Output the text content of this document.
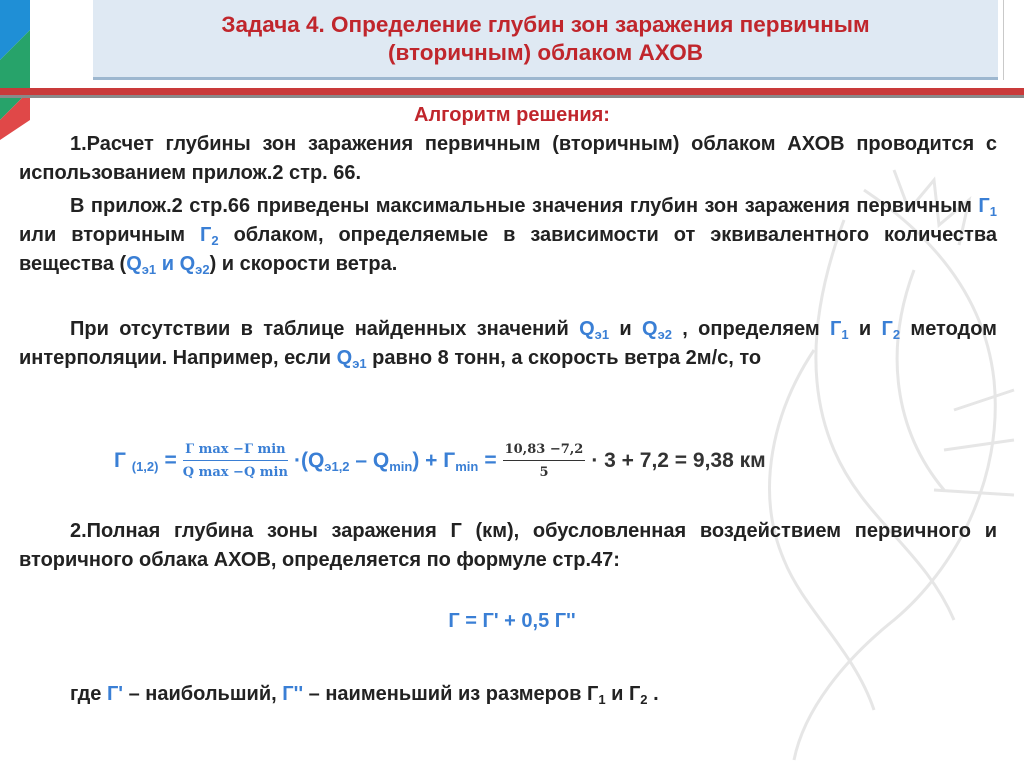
Задача 4. Определение глубин зон заражения первичным
(вторичным) облаком АХОВ
Алгоритм решения:
1.Расчет глубины зон заражения первичным (вторичным) облаком АХОВ проводится с использованием прилож.2 стр. 66.
В прилож.2 стр.66 приведены максимальные значения глубин зон заражения первичным $Г_1$ или вторичным $Г_2$ облаком, определяемые в зависимости от эквивалентного количества вещества ($Q_{э1}$ и $Q_{э2}$) и скорости ветра.
При отсутствии в таблице найденных значений $Q_{э1}$ и $Q_{э2}$ , определяем $Г_1$ и $Г_2$ методом интерполяции. Например, если $Q_{э1}$ равно 8 тонн, а скорость ветра 2м/с, то
Г $_{(1,2)} = \frac{\text{Г max −Г min}}{\text{Q max −Q min}} \cdot(Q_{э1,2} - Q_{min}) + Г_{min} = \frac{10,83 -7,2}{5} \cdot 3 + 7,2 = 9,38$ км
2.Полная глубина зоны заражения Г (км), обусловленная воздействием первичного и вторичного облака АХОВ, определяется по формуле стр.47:
Г = Г' + 0,5 Г''
где Г' – наибольший, Г'' – наименьший из размеров $Г_1$ и $Г_2$ .
